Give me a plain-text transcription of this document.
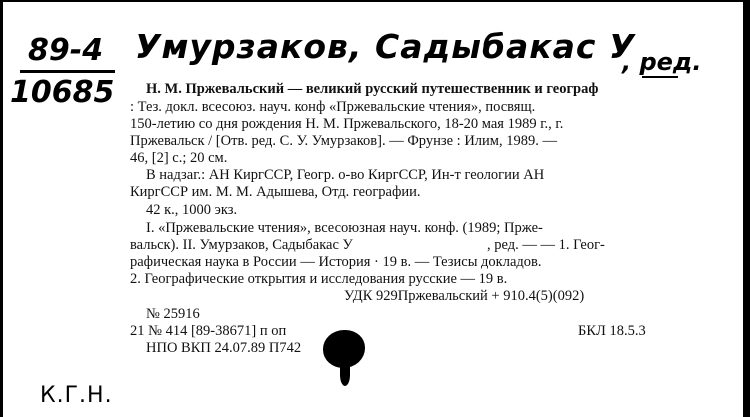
89-4
10685
Умурзаков, Садыбакас У
, ред.
К.Г.Н.
Н. М. Пржевальский — великий русский путешественник и географ
: Тез. докл. всесоюз. науч. конф «Пржевальские чтения», посвящ.
150-летию со дня рождения Н. М. Пржевальского, 18-20 мая 1989 г., г.
Пржевальск / [Отв. ред. С. У. Умурзаков]. — Фрунзе : Илим, 1989. —
46, [2] с.; 20 см.
В надзаг.: АН КиргССР, Геогр. о-во КиргССР, Ин-т геологии АН
КиргССР им. М. М. Адышева, Отд. географии.
42 к., 1000 экз.
I. «Пржевальские чтения», всесоюзная науч. конф. (1989; Прже-
вальск). II. Умурзаков, Садыбакас У	, ред. — — 1. Геог-
рафическая наука в России — История · 19 в. — Тезисы докладов.
2. Географические открытия и исследования русские — 19 в.
УДК 929Пржевальский + 910.4(5)(092)
№ 25916
21 № 414 [89-38671] п оп	БКЛ 18.5.3
НПО ВКП 24.07.89 П742
